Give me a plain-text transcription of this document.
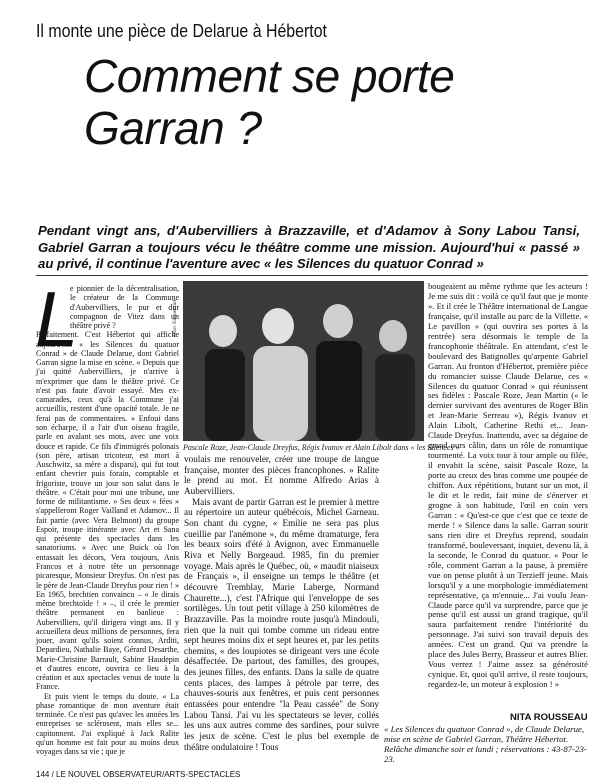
Il monte une pièce de Delarue à Hébertot
Comment se porte
Garran ?
Pendant vingt ans, d'Aubervilliers à Brazzaville, et d'Adamov à Sony Labou Tansi, Gabriel Garran a toujours vécu le théâtre comme une mission. Aujourd'hui « passé » au privé, il continue l'aventure avec « les Silences du quatuor Conrad »
L

e pionnier de la décentralisation, le créateur de la Commune d'Aubervilliers, le pur et dur compagnon de Vitez dans un théâtre privé ?

Parfaitement. C'est Hébertot qui affiche aujourd'hui « les Silences du quatuor Conrad » de Claude Delarue, dont Gabriel Garran signe la mise en scène. « Depuis que j'ai quitté Aubervilliers, je n'arrive à m'exprimer que dans le théâtre privé. Ce n'est pas faute d'avoir essayé. Mes ex-camarades, ceux qu'à la Commune j'ai accueillis, restent d'une opacité totale. Je ne ferai pas de commentaires. » Enfoui dans son écharpe, il a l'air d'un oiseau fragile, parle en avalant ses mots, avec une voix douce et rapide. Ce fils d'immigrés polonais (son père, artisan tricoteur, est mort à Auschwitz, sa mère a disparu), qui fut tout enfant chevrier puis forain, comptable et frigoriste, trouve un jour son salut dans le théâtre. « C'était pour moi une tribune, une forme de militantisme. » Ses deux « fées » s'appelleront Roger Vailland et Adamov... Il fait partie (avec Vera Belmont) du groupe Espoir, troupe itinérante avec Art et Sana qui présente des spectacles dans les sanatoriums. « Avec une Buick où l'on entassait les décors, Vera toujours, Anis Francos et à notre tête un personnage picaresque, Monsieur Dreyfus. On n'est pas le père de Jean-Claude Dreyfus pour rien ! » En 1965, brechtien convaincu – « Je dirais même brechtoïde ! » –, il crée le premier théâtre permanent en banlieue : Aubervilliers, qu'il dirigera vingt ans. Il y accueillera deux millions de personnes, fera jouer, avant qu'ils soient connus, Arditi, Depardieu, Nathalie Baye, Gérard Desarthe, Marie-Christine Barrault, Sabine Haudepin et d'autres encore, ouvrira ce lieu à la création et aux spectacles venus de toute la France.

Et puis vient le temps du doute. « La phase romantique de mon aventure était terminée. Ce n'est pas qu'avec les années les entreprises se sclérosent, mais elles se... capitonnent. J'ai expliqué à Jack Ralite qu'un homme est fait pour au moins deux voyages dans sa vie ; que je

Marc Enguerand
Pascale Roze, Jean-Claude Dreyfus, Régis Ivanov et Alain Libolt dans « les Silences »

voulais me renouveler, créer une troupe de langue française, monter des pièces francophones. » Ralite le prend au mot. Et nomme Alfredo Arias à Aubervilliers.

Mais avant de partir Garran est le premier à mettre au répertoire un auteur québécois, Michel Garneau. Son chant du cygne, « Emilie ne sera pas plus cueillie par l'anémone », du même dramaturge, fera les beaux soirs d'été à Avignon, avec Emmanuelle Riva et Nelly Borgeaud. 1985, fin du premier voyage. Mais après le Québec, où, « maudit niaiseux de Français », il enseigne un temps le théâtre (et découvre Tremblay, Marie Laberge, Normand Chaurette...), c'est l'Afrique qui l'enveloppe de ses sortilèges. Un tout petit village à 250 kilomètres de Brazzaville. Pas la moindre route jusqu'à Mindouli, rien que la nuit qui tombe comme un rideau entre sept heures moins dix et sept heures et, par les petits chemins, « des loupiotes se dirigeant vers une école désaffectée. De partout, des familles, des groupes, des jeunes filles, des enfants. Dans la salle de quatre cents places, des lampes à pétrole par terre, des chauves-souris aux fenêtres, et puis cent personnes entassées pour entendre "la Peau cassée" de Sony Labou Tansi. J'ai vu les spectateurs se lever, collés les uns aux autres comme des sardines, pour suivre les jeux de scène. C'est le plus bel exemple de théâtre ondulatoire ! Tous

bougeaient au même rythme que les acteurs ! Je me suis dit : voilà ce qu'il faut que je monte ». Et il crée le Théâtre international de Langue française, qu'il installe au parc de la Villette. « Le pavillon » (qui ouvrira ses portes à la rentrée) sera désormais le temple de la francophonie théâtrale. En attendant, c'est le boulevard des Batignolles qu'arpente Gabriel Garran. Au fronton d'Hébertot, première pièce du romancier suisse Claude Delarue, ces « Silences du quatuor Conrad » qui réunissent ses fidèles : Pascale Roze, Jean Martin (« le dernier survivant des aventures de Roger Blin et Jean-Marie Serreau »), Régis Ivanov et Alain Libolt, Catherine Rethi et... Jean-Claude Dreyfus. Inattendu, avec sa dégaine de grand ours câlin, dans un rôle de romantique tourmenté. La voix tour à tour ample ou filée, il envahit la scène, saisit Pascale Roze, la porte au creux des bras comme une poupée de chiffon. Aux répétitions, butant sur un mot, il le dit et le redit, fait mine de s'énerver et grogne à son habitude, l'œil en coin vers Garran : « Qu'est-ce que c'est que ce texte de merde ! » Silence dans la salle. Garran sourit sans rien dire et Dreyfus reprend, soudain transformé, bouleversant, inquiet, devenu là, à la seconde, le Conrad du quatuor. « Pour le rôle, comment Garran a la pause, à première vue on pense plutôt à un Terzieff jeune. Mais lorsqu'il y a une morphologie immédiatement représentative, ça m'ennuie... J'ai voulu Jean-Claude parce qu'il va surprendre, parce que je pense qu'il est aussi un grand tragique, qu'il saura parfaitement rendre l'intériorité du personnage. J'ai suivi son travail depuis des années. C'est un grand. Qui va prendre la place des Jules Berry, Brasseur et autres Blier. Vous verrez ! J'aime assez sa générosité cynique. Et, quoi qu'il arrive, il reste toujours, regardez-le, un moteur à explosion ! »

NITA ROUSSEAU
« Les Silences du quatuor Conrad », de Claude Delarue, mise en scène de Gabriel Garran, Théâtre Hébertot. Relâche dimanche soir et lundi ; réservations : 43-87-23-23.
144 / LE NOUVEL OBSERVATEUR/ARTS-SPECTACLES
